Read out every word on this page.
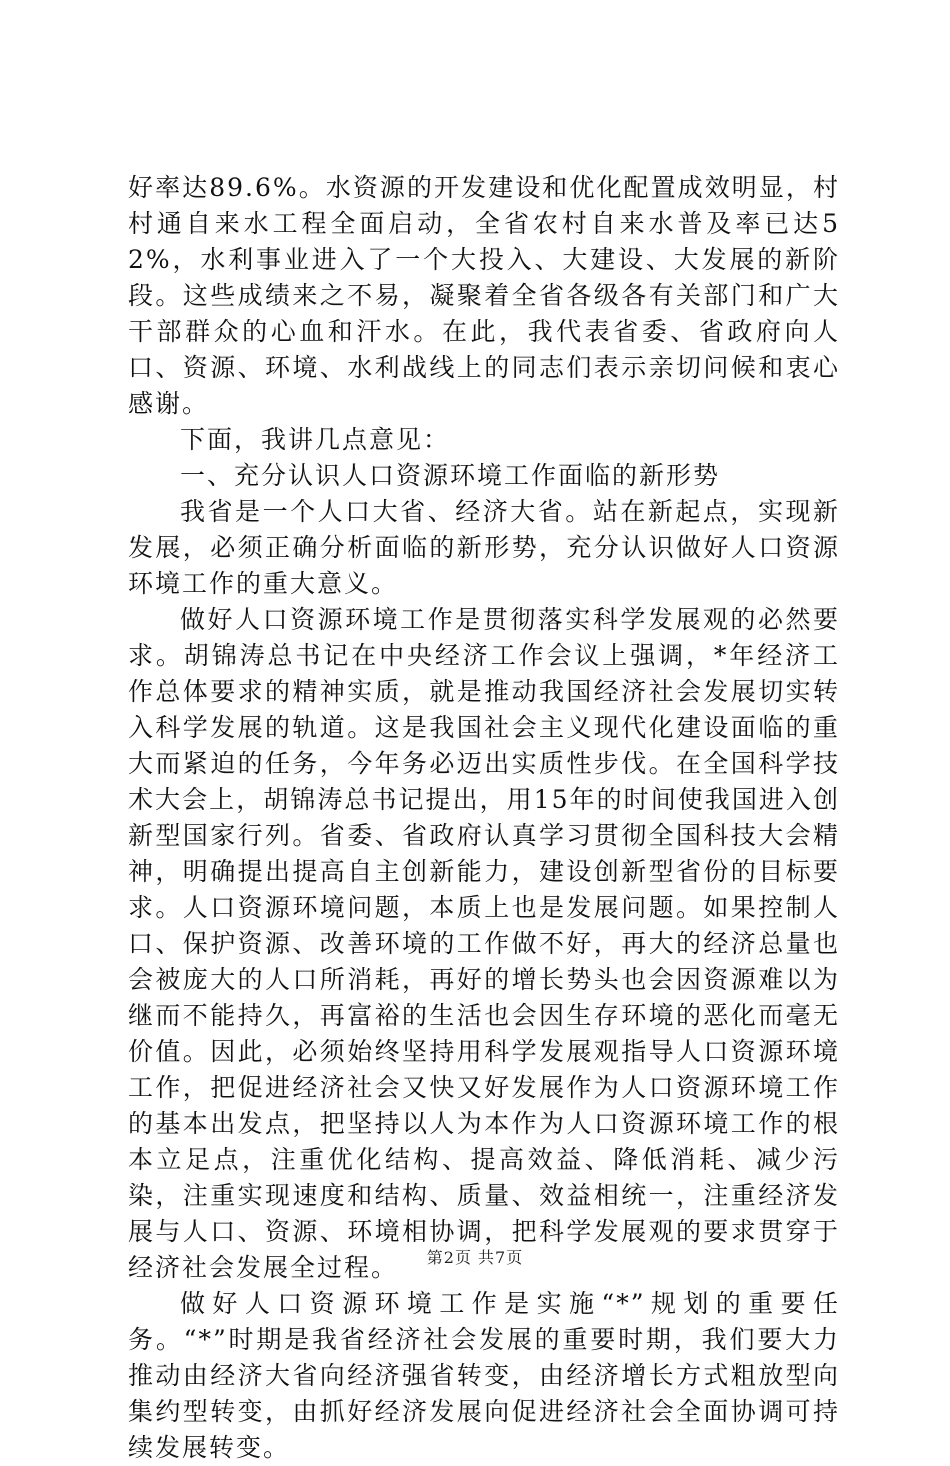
好率达89.6%。水资源的开发建设和优化配置成效明显，村村通自来水工程全面启动，全省农村自来水普及率已达52%，水利事业进入了一个大投入、大建设、大发展的新阶段。这些成绩来之不易，凝聚着全省各级各有关部门和广大干部群众的心血和汗水。在此，我代表省委、省政府向人口、资源、环境、水利战线上的同志们表示亲切问候和衷心感谢。

下面，我讲几点意见：

一、充分认识人口资源环境工作面临的新形势

我省是一个人口大省、经济大省。站在新起点，实现新发展，必须正确分析面临的新形势，充分认识做好人口资源环境工作的重大意义。

做好人口资源环境工作是贯彻落实科学发展观的必然要求。胡锦涛总书记在中央经济工作会议上强调，*年经济工作总体要求的精神实质，就是推动我国经济社会发展切实转入科学发展的轨道。这是我国社会主义现代化建设面临的重大而紧迫的任务，今年务必迈出实质性步伐。在全国科学技术大会上，胡锦涛总书记提出，用15年的时间使我国进入创新型国家行列。省委、省政府认真学习贯彻全国科技大会精神，明确提出提高自主创新能力，建设创新型省份的目标要求。人口资源环境问题，本质上也是发展问题。如果控制人口、保护资源、改善环境的工作做不好，再大的经济总量也会被庞大的人口所消耗，再好的增长势头也会因资源难以为继而不能持久，再富裕的生活也会因生存环境的恶化而毫无价值。因此，必须始终坚持用科学发展观指导人口资源环境工作，把促进经济社会又快又好发展作为人口资源环境工作的基本出发点，把坚持以人为本作为人口资源环境工作的根本立足点，注重优化结构、提高效益、降低消耗、减少污染，注重实现速度和结构、质量、效益相统一，注重经济发展与人口、资源、环境相协调，把科学发展观的要求贯穿于经济社会发展全过程。

做好人口资源环境工作是实施“*”规划的重要任务。“*”时期是我省经济社会发展的重要时期，我们要大力推动由经济大省向经济强省转变，由经济增长方式粗放型向集约型转变，由抓好经济发展向促进经济社会全面协调可持续发展转变。

第2页 共7页
